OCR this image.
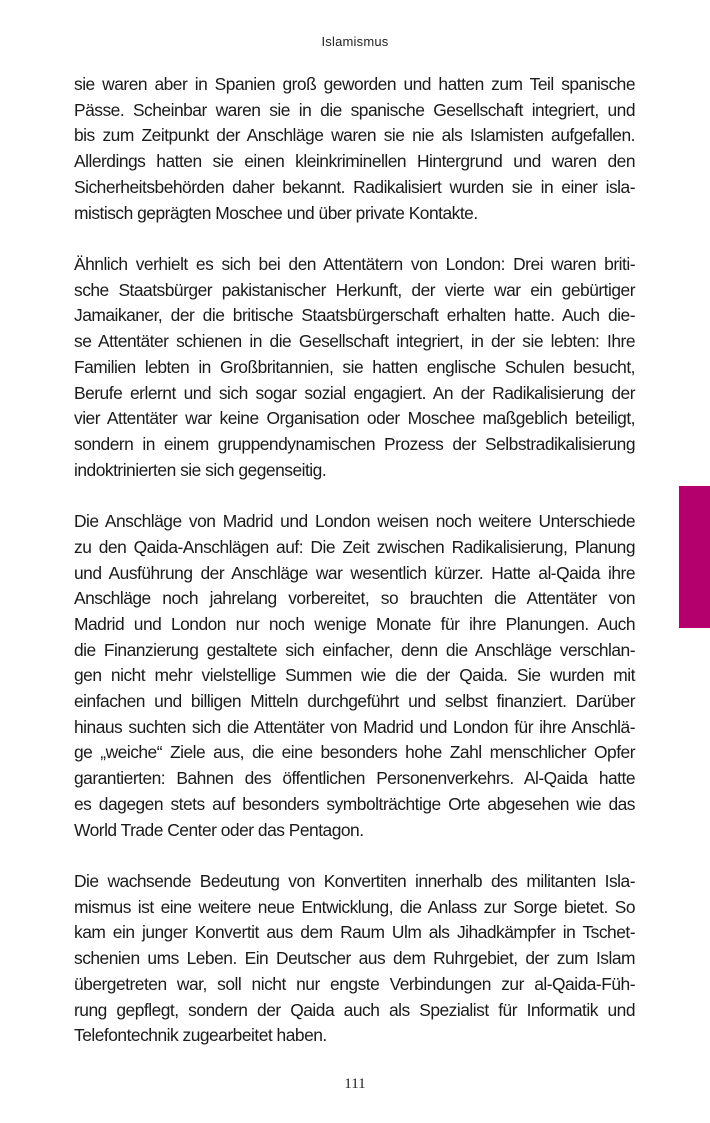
Islamismus

sie waren aber in Spanien groß geworden und hatten zum Teil spanische
Pässe. Scheinbar waren sie in die spanische Gesellschaft integriert, und
bis zum Zeitpunkt der Anschläge waren sie nie als Islamisten aufgefallen.
Allerdings hatten sie einen kleinkriminellen Hintergrund und waren den
Sicherheitsbehörden daher bekannt. Radikalisiert wurden sie in einer isla-
mistisch geprägten Moschee und über private Kontakte.

Ähnlich verhielt es sich bei den Attentätern von London: Drei waren briti-
sche Staatsbürger pakistanischer Herkunft, der vierte war ein gebürtiger
Jamaikaner, der die britische Staatsbürgerschaft erhalten hatte. Auch die-
se Attentäter schienen in die Gesellschaft integriert, in der sie lebten: Ihre
Familien lebten in Großbritannien, sie hatten englische Schulen besucht,
Berufe erlernt und sich sogar sozial engagiert. An der Radikalisierung der
vier Attentäter war keine Organisation oder Moschee maßgeblich beteiligt,
sondern in einem gruppendynamischen Prozess der Selbstradikalisierung
indoktrinierten sie sich gegenseitig.

Die Anschläge von Madrid und London weisen noch weitere Unterschiede
zu den Qaida-Anschlägen auf: Die Zeit zwischen Radikalisierung, Planung
und Ausführung der Anschläge war wesentlich kürzer. Hatte al-Qaida ihre
Anschläge noch jahrelang vorbereitet, so brauchten die Attentäter von
Madrid und London nur noch wenige Monate für ihre Planungen. Auch
die Finanzierung gestaltete sich einfacher, denn die Anschläge verschlan-
gen nicht mehr vielstellige Summen wie die der Qaida. Sie wurden mit
einfachen und billigen Mitteln durchgeführt und selbst finanziert. Darüber
hinaus suchten sich die Attentäter von Madrid und London für ihre Anschlä-
ge „weiche“ Ziele aus, die eine besonders hohe Zahl menschlicher Opfer
garantierten: Bahnen des öffentlichen Personenverkehrs. Al-Qaida hatte
es dagegen stets auf besonders symbolträchtige Orte abgesehen wie das
World Trade Center oder das Pentagon.

Die wachsende Bedeutung von Konvertiten innerhalb des militanten Isla-
mismus ist eine weitere neue Entwicklung, die Anlass zur Sorge bietet. So
kam ein junger Konvertit aus dem Raum Ulm als Jihadkämpfer in Tschet-
schenien ums Leben. Ein Deutscher aus dem Ruhrgebiet, der zum Islam
übergetreten war, soll nicht nur engste Verbindungen zur al-Qaida-Füh-
rung gepflegt, sondern der Qaida auch als Spezialist für Informatik und
Telefontechnik zugearbeitet haben.

111
